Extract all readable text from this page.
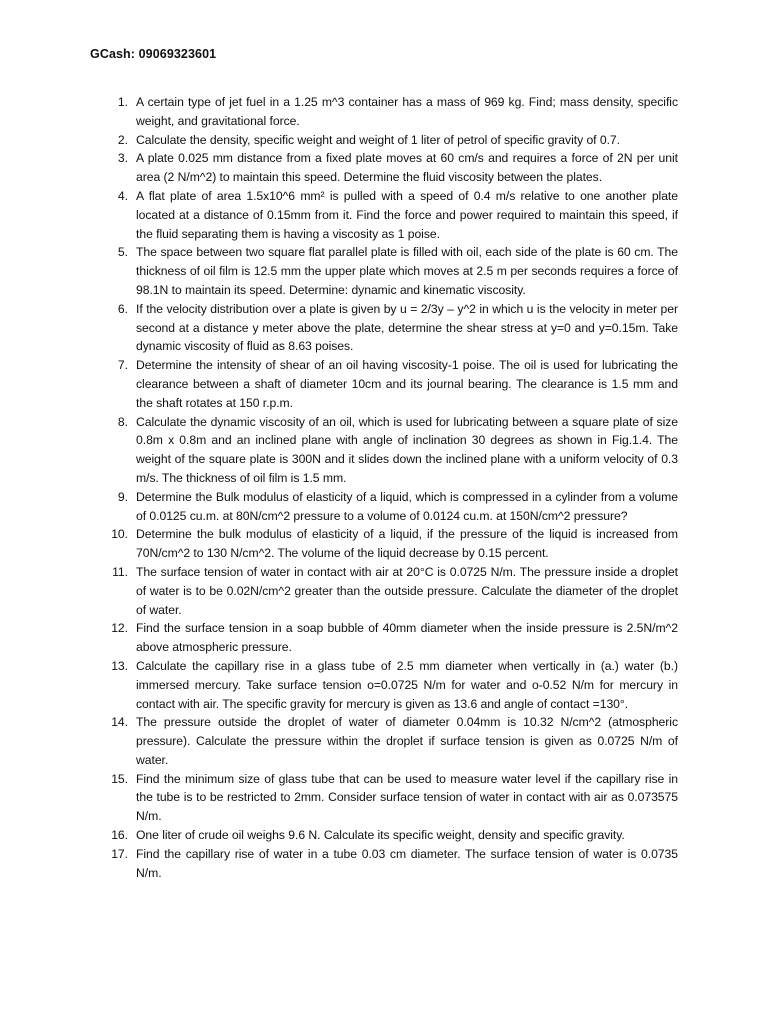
GCash: 09069323601
1. A certain type of jet fuel in a 1.25 m^3 container has a mass of 969 kg. Find; mass density, specific weight, and gravitational force.
2. Calculate the density, specific weight and weight of 1 liter of petrol of specific gravity of 0.7.
3. A plate 0.025 mm distance from a fixed plate moves at 60 cm/s and requires a force of 2N per unit area (2 N/m^2) to maintain this speed. Determine the fluid viscosity between the plates.
4. A flat plate of area 1.5x10^6 mm² is pulled with a speed of 0.4 m/s relative to one another plate located at a distance of 0.15mm from it. Find the force and power required to maintain this speed, if the fluid separating them is having a viscosity as 1 poise.
5. The space between two square flat parallel plate is filled with oil, each side of the plate is 60 cm. The thickness of oil film is 12.5 mm the upper plate which moves at 2.5 m per seconds requires a force of 98.1N to maintain its speed. Determine: dynamic and kinematic viscosity.
6. If the velocity distribution over a plate is given by u = 2/3y – y^2 in which u is the velocity in meter per second at a distance y meter above the plate, determine the shear stress at y=0 and y=0.15m. Take dynamic viscosity of fluid as 8.63 poises.
7. Determine the intensity of shear of an oil having viscosity-1 poise. The oil is used for lubricating the clearance between a shaft of diameter 10cm and its journal bearing. The clearance is 1.5 mm and the shaft rotates at 150 r.p.m.
8. Calculate the dynamic viscosity of an oil, which is used for lubricating between a square plate of size 0.8m x 0.8m and an inclined plane with angle of inclination 30 degrees as shown in Fig.1.4. The weight of the square plate is 300N and it slides down the inclined plane with a uniform velocity of 0.3 m/s. The thickness of oil film is 1.5 mm.
9. Determine the Bulk modulus of elasticity of a liquid, which is compressed in a cylinder from a volume of 0.0125 cu.m. at 80N/cm^2 pressure to a volume of 0.0124 cu.m. at 150N/cm^2 pressure?
10. Determine the bulk modulus of elasticity of a liquid, if the pressure of the liquid is increased from 70N/cm^2 to 130 N/cm^2. The volume of the liquid decrease by 0.15 percent.
11. The surface tension of water in contact with air at 20°C is 0.0725 N/m. The pressure inside a droplet of water is to be 0.02N/cm^2 greater than the outside pressure. Calculate the diameter of the droplet of water.
12. Find the surface tension in a soap bubble of 40mm diameter when the inside pressure is 2.5N/m^2 above atmospheric pressure.
13. Calculate the capillary rise in a glass tube of 2.5 mm diameter when vertically in (a.) water (b.) immersed mercury. Take surface tension o=0.0725 N/m for water and o-0.52 N/m for mercury in contact with air. The specific gravity for mercury is given as 13.6 and angle of contact =130°.
14. The pressure outside the droplet of water of diameter 0.04mm is 10.32 N/cm^2 (atmospheric pressure). Calculate the pressure within the droplet if surface tension is given as 0.0725 N/m of water.
15. Find the minimum size of glass tube that can be used to measure water level if the capillary rise in the tube is to be restricted to 2mm. Consider surface tension of water in contact with air as 0.073575 N/m.
16. One liter of crude oil weighs 9.6 N. Calculate its specific weight, density and specific gravity.
17. Find the capillary rise of water in a tube 0.03 cm diameter. The surface tension of water is 0.0735 N/m.
